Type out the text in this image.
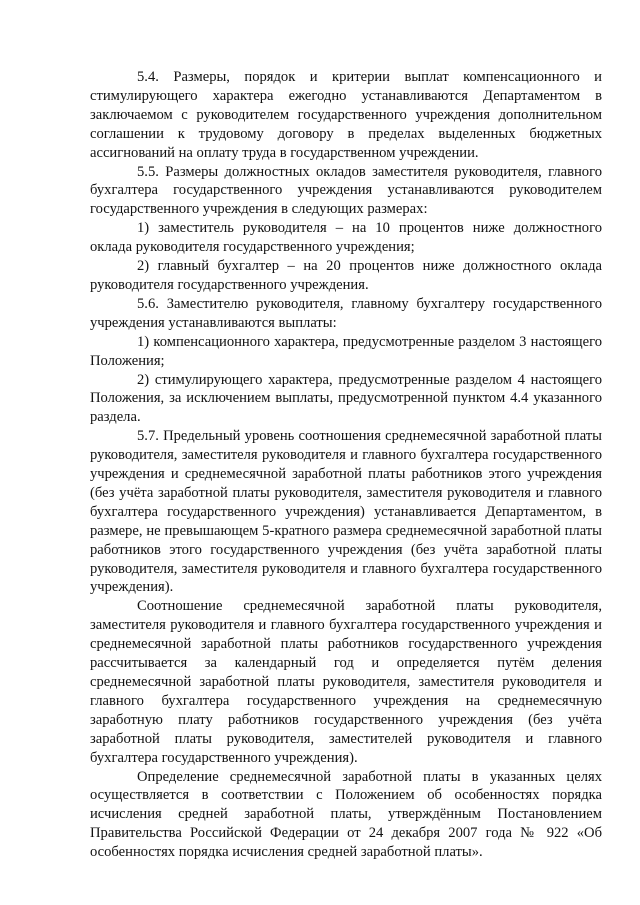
5.4. Размеры, порядок и критерии выплат компенсационного и стимулирующего характера ежегодно устанавливаются Департаментом в заключаемом с руководителем государственного учреждения дополнительном соглашении к трудовому договору в пределах выделенных бюджетных ассигнований на оплату труда в государственном учреждении.

5.5. Размеры должностных окладов заместителя руководителя, главного бухгалтера государственного учреждения устанавливаются руководителем государственного учреждения в следующих размерах:

1) заместитель руководителя – на 10 процентов ниже должностного оклада руководителя государственного учреждения;

2) главный бухгалтер – на 20 процентов ниже должностного оклада руководителя государственного учреждения.

5.6. Заместителю руководителя, главному бухгалтеру государственного учреждения устанавливаются выплаты:

1) компенсационного характера, предусмотренные разделом 3 настоящего Положения;

2) стимулирующего характера, предусмотренные разделом 4 настоящего Положения, за исключением выплаты, предусмотренной пунктом 4.4 указанного раздела.

5.7. Предельный уровень соотношения среднемесячной заработной платы руководителя, заместителя руководителя и главного бухгалтера государственного учреждения и среднемесячной заработной платы работников этого учреждения (без учёта заработной платы руководителя, заместителя руководителя и главного бухгалтера государственного учреждения) устанавливается Департаментом, в размере, не превышающем 5-кратного размера среднемесячной заработной платы работников этого государственного учреждения (без учёта заработной платы руководителя, заместителя руководителя и главного бухгалтера государственного учреждения).

Соотношение среднемесячной заработной платы руководителя, заместителя руководителя и главного бухгалтера государственного учреждения и среднемесячной заработной платы работников государственного учреждения рассчитывается за календарный год и определяется путём деления среднемесячной заработной платы руководителя, заместителя руководителя и главного бухгалтера государственного учреждения на среднемесячную заработную плату работников государственного учреждения (без учёта заработной платы руководителя, заместителей руководителя и главного бухгалтера государственного учреждения).

Определение среднемесячной заработной платы в указанных целях осуществляется в соответствии с Положением об особенностях порядка исчисления средней заработной платы, утверждённым Постановлением Правительства Российской Федерации от 24 декабря 2007 года № 922 «Об особенностях порядка исчисления средней заработной платы».
